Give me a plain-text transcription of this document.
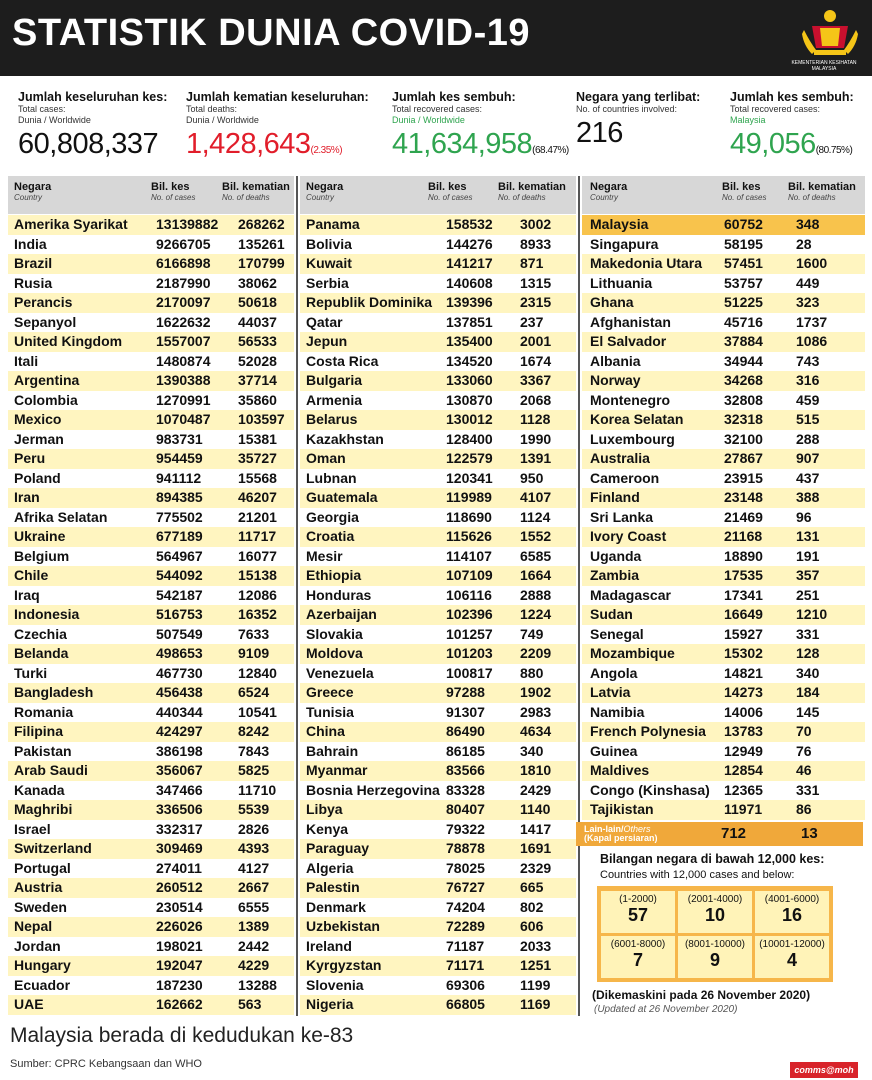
STATISTIK DUNIA COVID-19
KEMENTERIAN KESIHATAN MALAYSIA
Jumlah keseluruhan kes:
Total cases:
Dunia / Worldwide
60,808,337
Jumlah kematian keseluruhan:
Total deaths:
Dunia / Worldwide
1,428,643(2.35%)
Jumlah kes sembuh:
Total recovered cases:
Dunia / Worldwide
41,634,958(68.47%)
Negara yang terlibat:
No. of countries involved:
216
Jumlah kes sembuh:
Total recovered cases:
Malaysia
49,056(80.75%)
Negara
Country
Bil. kes
No. of cases
Bil. kematian
No. of deaths
Amerika Syarikat 13139882 268262
India	9266705 135261
Brazil	6166898 170799
Rusia	2187990 38062
Perancis	2170097 50618
Sepanyol	1622632 44037
United Kingdom 1557007 56533
Itali	1480874 52028
Argentina	1390388 37714
Colombia	1270991 35860
Mexico	1070487 103597
Jerman	983731	15381
Peru	954459	35727
Poland	941112	15568
Iran	894385	46207
Afrika Selatan	775502	21201
Ukraine	677189	11717
Belgium	564967	16077
Chile	544092	15138
Iraq	542187	12086
Indonesia	516753	16352
Czechia	507549	7633
Belanda	498653	9109
Turki	467730	12840
Bangladesh	456438	6524
Romania	440344	10541
Filipina	424297	8242
Pakistan	386198	7843
Arab Saudi	356067	5825
Kanada	347466	11710
Maghribi	336506	5539
Israel	332317	2826
Switzerland	309469	4393
Portugal	274011	4127
Austria	260512	2667
Sweden	230514	6555
Nepal	226026	1389
Jordan	198021	2442
Hungary	192047	4229
Ecuador	187230	13288
UAE	162662	563
Negara
Country
Bil. kes
No. of cases
Bil. kematian
No. of deaths
Panama	158532 3002
Bolivia	144276 8933
Kuwait	141217 871
Serbia	140608 1315
Republik Dominika 139396 2315
Qatar	137851 237
Jepun	135400 2001
Costa Rica	134520 1674
Bulgaria	133060 3367
Armenia	130870 2068
Belarus	130012 1128
Kazakhstan	128400 1990
Oman	122579 1391
Lubnan	120341 950
Guatemala	119989 4107
Georgia	118690 1124
Croatia	115626 1552
Mesir	114107 6585
Ethiopia	107109 1664
Honduras	106116 2888
Azerbaijan	102396 1224
Slovakia	101257 749
Moldova	101203 2209
Venezuela	100817 880
Greece	97288	1902
Tunisia	91307	2983
China	86490	4634
Bahrain	86185	340
Myanmar	83566	1810
Bosnia Herzegovina 83328	2429
Libya	80407	1140
Kenya	79322	1417
Paraguay	78878	1691
Algeria	78025	2329
Palestin	76727	665
Denmark	74204	802
Uzbekistan	72289	606
Ireland	71187	2033
Kyrgyzstan	71171	1251
Slovenia	69306	1199
Nigeria	66805	1169
Negara
Country
Bil. kes
No. of cases
Bil. kematian
No. of deaths
Malaysia	60752 348
Singapura	58195 28
Makedonia Utara 57451 1600
Lithuania	53757 449
Ghana	51225 323
Afghanistan	45716 1737
El Salvador	37884 1086
Albania	34944 743
Norway	34268 316
Montenegro	32808 459
Korea Selatan	32318 515
Luxembourg	32100 288
Australia	27867 907
Cameroon	23915 437
Finland	23148 388
Sri Lanka	21469 96
Ivory Coast	21168 131
Uganda	18890 191
Zambia	17535 357
Madagascar	17341 251
Sudan	16649 1210
Senegal	15927 331
Mozambique	15302 128
Angola	14821 340
Latvia	14273 184
Namibia	14006 145
French Polynesia 13783 70
Guinea	12949 76
Maldives	12854 46
Congo (Kinshasa) 12365 331
Tajikistan	11971 86
Lain-lain/Others
(Kapal persiaran)	712	13
Bilangan negara di bawah 12,000 kes:
Countries with 12,000 cases and below:
(1-2000)
57
(2001-4000)
10
(4001-6000)
16
(6001-8000)
7
(8001-10000)
9
(10001-12000)
4
(Dikemaskini pada 26 November 2020)
(Updated at 26 November 2020)
Malaysia berada di kedudukan ke-83
Sumber: CPRC Kebangsaan dan WHO	comms@moh
